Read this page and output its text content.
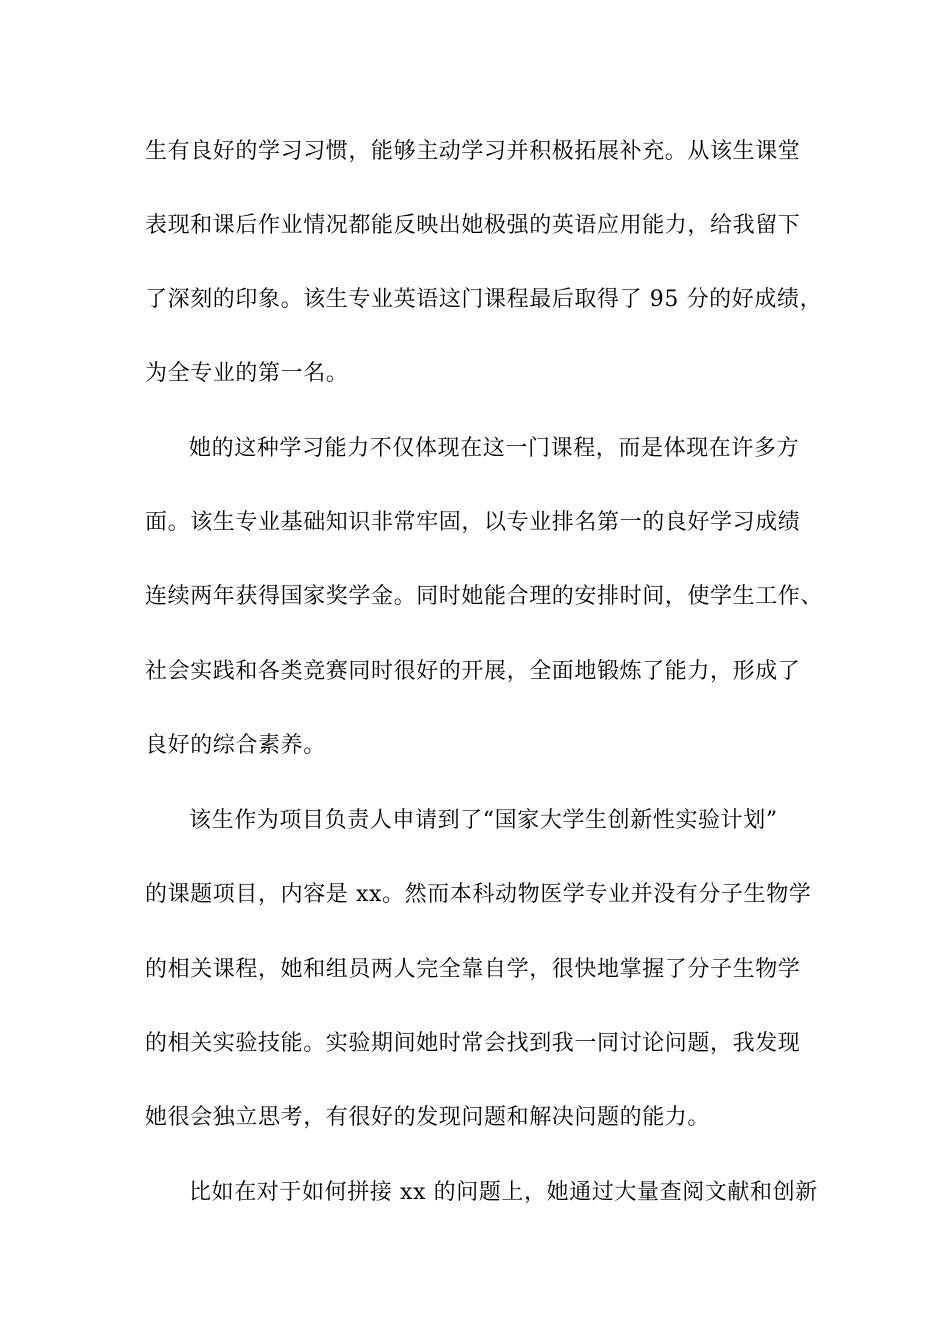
生有良好的学习习惯，能够主动学习并积极拓展补充。从该生课堂
表现和课后作业情况都能反映出她极强的英语应用能力，给我留下
了深刻的印象。该生专业英语这门课程最后取得了 95 分的好成绩，
为全专业的第一名。
她的这种学习能力不仅体现在这一门课程，而是体现在许多方
面。该生专业基础知识非常牢固，以专业排名第一的良好学习成绩
连续两年获得国家奖学金。同时她能合理的安排时间，使学生工作、
社会实践和各类竞赛同时很好的开展，全面地锻炼了能力，形成了
良好的综合素养。
该生作为项目负责人申请到了“国家大学生创新性实验计划”
的课题项目，内容是 xx。然而本科动物医学专业并没有分子生物学
的相关课程，她和组员两人完全靠自学，很快地掌握了分子生物学
的相关实验技能。实验期间她时常会找到我一同讨论问题，我发现
她很会独立思考，有很好的发现问题和解决问题的能力。
比如在对于如何拼接 xx 的问题上，她通过大量查阅文献和创新
